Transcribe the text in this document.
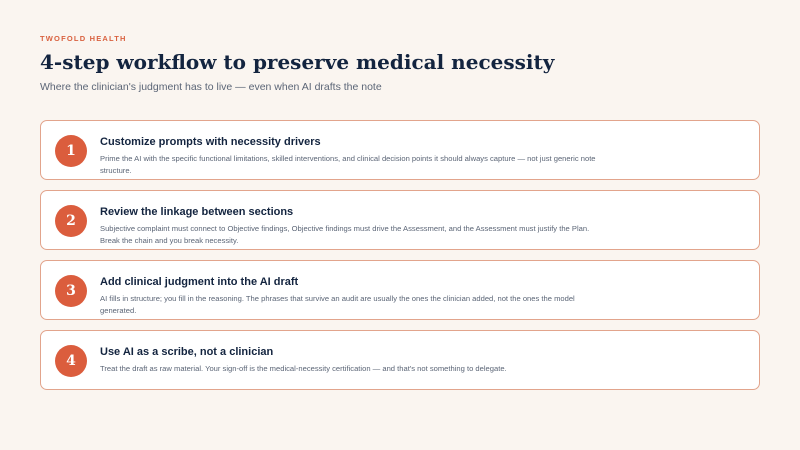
TWOFOLD HEALTH
4-step workflow to preserve medical necessity
Where the clinician's judgment has to live — even when AI drafts the note
1
Customize prompts with necessity drivers
Prime the AI with the specific functional limitations, skilled interventions, and clinical decision points it should always capture — not just generic note structure.
2
Review the linkage between sections
Subjective complaint must connect to Objective findings, Objective findings must drive the Assessment, and the Assessment must justify the Plan. Break the chain and you break necessity.
3
Add clinical judgment into the AI draft
AI fills in structure; you fill in the reasoning. The phrases that survive an audit are usually the ones the clinician added, not the ones the model generated.
4
Use AI as a scribe, not a clinician
Treat the draft as raw material. Your sign-off is the medical-necessity certification — and that's not something to delegate.
